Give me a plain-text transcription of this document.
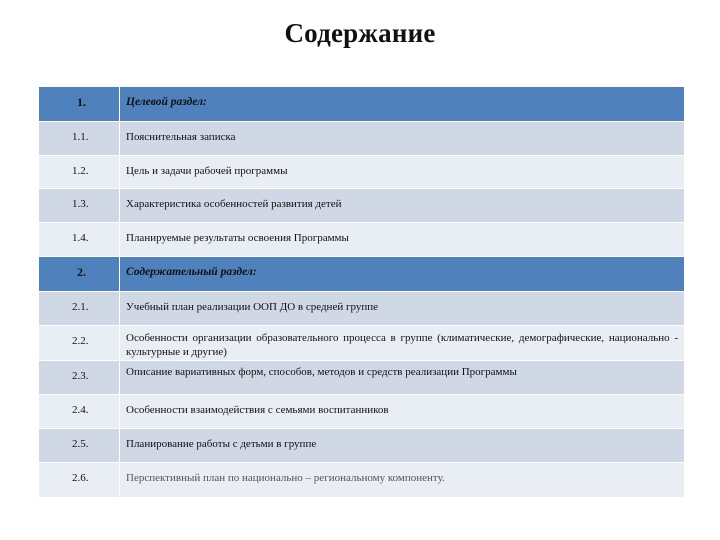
Содержание
1.	Целевой раздел:

1.1.	Пояснительная записка

1.2.	Цель и задачи рабочей программы

1.3.	Характеристика особенностей развития детей

1.4.	Планируемые результаты освоения Программы

2.	Содержательный раздел:

2.1.	Учебный план реализации ООП ДО в средней группе

2.2.	Особенности организации образовательного процесса в группе (климатические, демографические, национально - культурные и другие)

2.3.	Описание вариативных форм, способов, методов и средств реализации Программы

2.4.	Особенности взаимодействия с семьями воспитанников

2.5.	Планирование работы с детьми в группе

2.6.	Перспективный план по национально – региональному компоненту.
